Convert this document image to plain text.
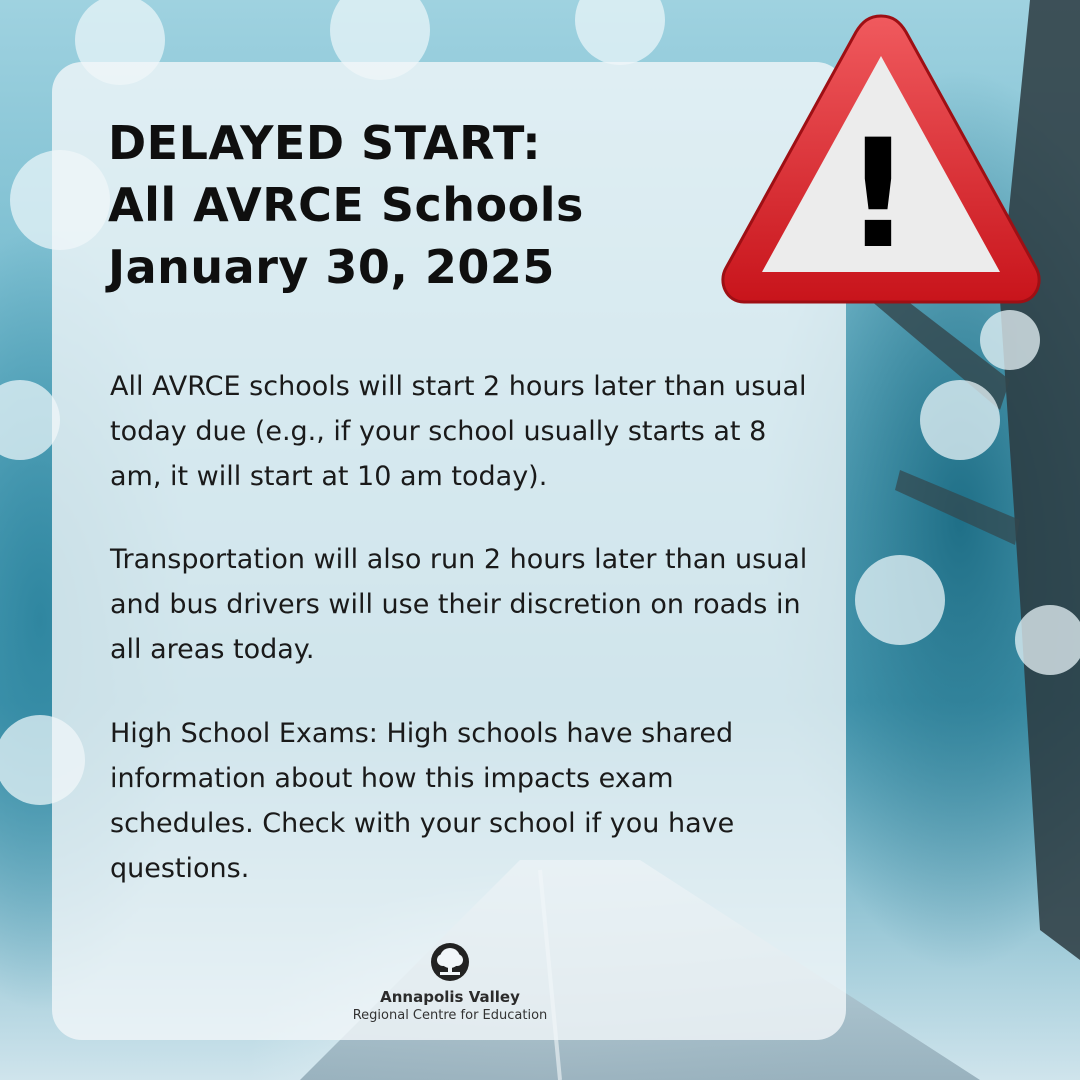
DELAYED START:
All AVRCE Schools
January 30, 2025

All AVRCE schools will start 2 hours later than usual today due (e.g., if your school usually starts at 8 am, it will start at 10 am today).

Transportation will also run 2 hours later than usual and bus drivers will use their discretion on roads in all areas today.

High School Exams: High schools have shared information about how this impacts exam schedules. Check with your school if you have questions.

!
Annapolis Valley
Regional Centre for Education
